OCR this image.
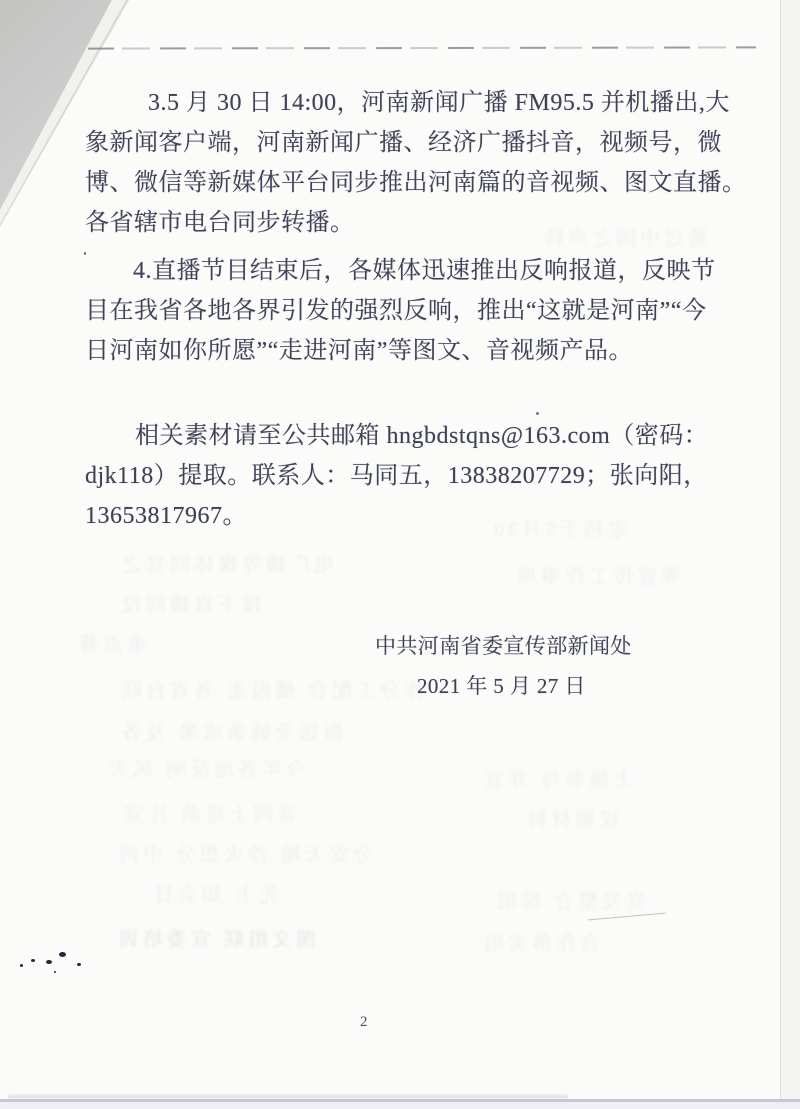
通过中国之声转
定档于5月30
等宣传工作事项
电广播等媒体同宣之
按下直播间设
重点幕
作分工配合 播报走 各省台联
报送全链条成果 及各
今年各地反响 风天
音同上班前 片宣
分安天地 沙火想分 中河
先上 知会日
图文组联 宣委培训
上级参与 并宣
议题材料
宣发整合 综组
合作落实组
3.5 月 30 日 14:00，河南新闻广播 FM95.5 并机播出,大
象新闻客户端，河南新闻广播、经济广播抖音，视频号，微
博、微信等新媒体平台同步推出河南篇的音视频、图文直播。
各省辖市电台同步转播。
4.直播节目结束后，各媒体迅速推出反响报道，反映节
目在我省各地各界引发的强烈反响，推出“这就是河南”“今
日河南如你所愿”“走进河南”等图文、音视频产品。
相关素材请至公共邮箱 hngbdstqns@163.com（密码：
djk118）提取。联系人：马同五，13838207729；张向阳，
13653817967。
中共河南省委宣传部新闻处
2021 年 5 月 27 日
2
